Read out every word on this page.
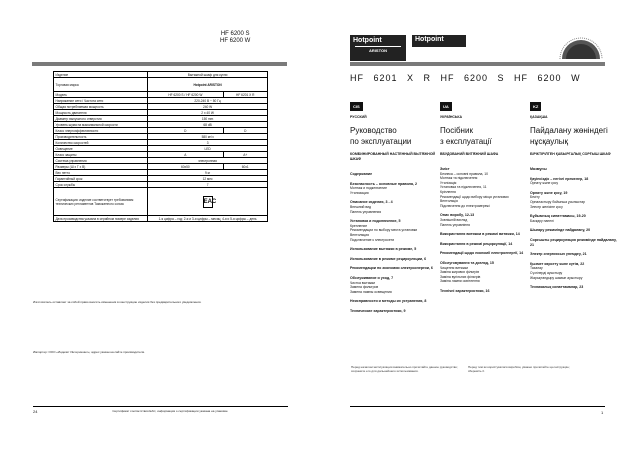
HF 6200 S
HF 6200 W
Изделие	Вытяжной шкаф для кухни	
Торговая марка	Hotpoint ARISTON	
Модель	HF 6200 S / HF 6200 W	HF 6201 X R
Напряжение сети / Частота сети	220-240 В ~ 50 Гц	
Общая потребляемая мощность	240 W	
Мощность двигателя	2 x 40 W	
Диаметр выпускного отверстия	150 mm	
Уровень шума на максимальной скорости	68 dB	
Класс энергоэффективности	D	D
Производительность	580 м³/ч	
Количество скоростей	3	
Освещение	LED	
Класс защиты	A	A+
Система управления	электронная	
Размеры (Ш x Г x В)	60x50	60x1
Вес нетто	9 кг	
Гарантийный срок	12 мес	
Срок службы	7	
Сертификация: изделие соответствует требованиям технических регламентов Таможенного союза	EAC	
Дата производства указана в серийном номере изделия	1-я цифра – год; 2-я и 3-я цифры – месяц; 4-я и 5-я цифры – день	
Изготовитель оставляет за собой право вносить изменения в конструкцию изделия без предварительного уведомления.
Импортер: ООО «Индезит Интернэшнл»; адрес указан на сайте производителя.
24	Сертификат соответствия ЕАС, информация о сертификации указана на упаковке
Hotpoint
ARISTON
Hotpoint
HF 6201 X R HF 6200 S HF 6200 W
CIS
РУССКИЙ
Руководство
по эксплуатации
КОМБИНИРОВАННЫЙ НАСТЕННЫЙ ВЫТЯЖНОЙ ШКАФ
Содержание
Безопасность – основные правила, 2
Монтаж и подключение
Утилизация
Описание изделия, 3 - 4
Внешний вид
Панель управления
Установка и подключение, 5
Крепление
Рекомендации по выбору места установки
Вентиляция
Подключение к электросети
Использование вытяжки в режиме, 5
Использование в режиме рециркуляции, 6
Рекомендации по экономии электроэнергии, 6
Обслуживание и уход, 7
Чистка вытяжки
Замена фильтров
Замена лампы освещения
Неисправности и методы их устранения, 8
Технические характеристики, 9
UA
УКРАЇНСЬКА
Посібник
з експлуатації
ВБУДОВАНИЙ ВИТЯЖНИЙ ШАФА
Зміст
Безпека – основні правила, 10
Монтаж та підключення
Утилізація
Установка та підключення, 11
Кріплення
Рекомендації щодо вибору місця установки
Вентиляція
Підключення до електромережі
Опис виробу, 12-13
Зовнішній вигляд
Панель управління
Використання витяжки в режимі витяжки, 14
Використання в режимі рециркуляції, 14
Рекомендації щодо економії електроенергії, 14
Обслуговування та догляд, 15
Чищення витяжки
Заміна жирових фільтрів
Заміна вугільних фільтрів
Заміна лампи освітлення
Технічні характеристики, 16
KZ
ҚАЗАҚША
Пайдалану жөніндегі
нұсқаулық
БІРІКТІРІЛГЕН ҚАБЫРҒАЛЫҚ СОРҒЫШ ШКАФ
Мазмұны
Қауіпсіздік – негізгі ережелер, 18
Орнату және қосу
Орнату және қосу, 19
Бекіту
Орналастыру бойынша ұсыныстар
Электр желісіне қосу
Бұйымның сипаттамасы, 19-20
Басқару панелі
Шығару режимінде пайдалану, 20
Сорғышты рециркуляция режимінде пайдалану, 21
Электр энергиясын үнемдеу, 21
Қызмет көрсету және күтім, 22
Тазалау
Сүзгілерді ауыстыру
Жарықтандыру шамын ауыстыру
Техникалық сипаттамалар, 23
Перед началом эксплуатации внимательно прочитайте данное руководство; сохраните его для дальнейшего использования.
Перед тим як користуватися виробом, уважно прочитайте цю інструкцію; збережіть її.
1
